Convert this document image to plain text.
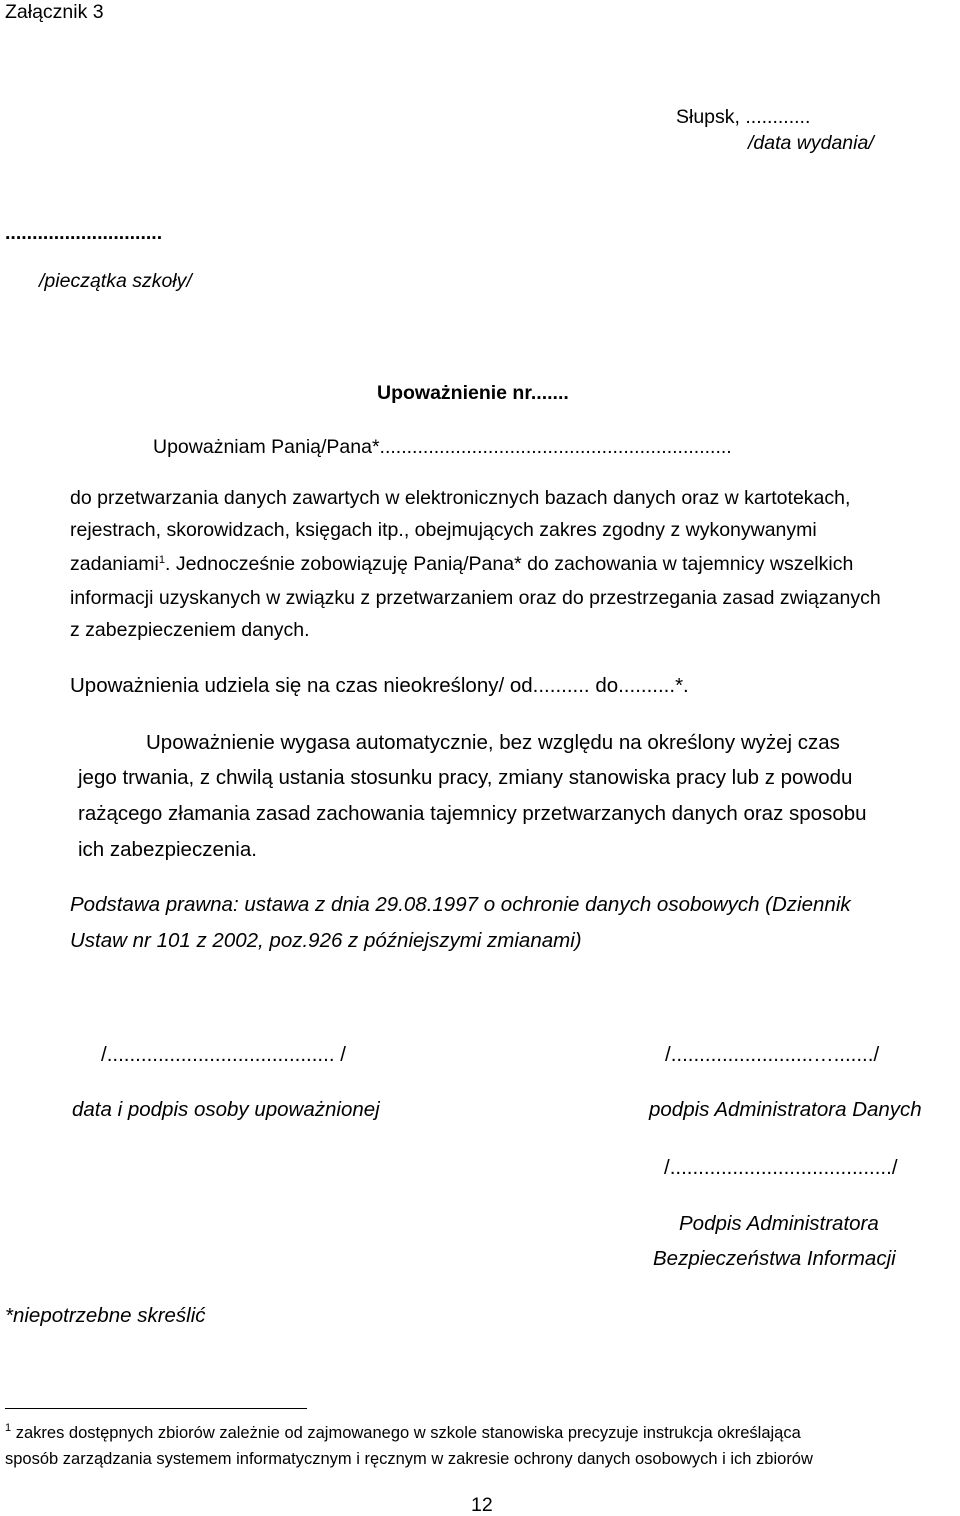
Załącznik 3
Słupsk, ............
/data wydania/
.............................
/pieczątka szkoły/
Upoważnienie nr.......
Upoważniam Panią/Pana*.................................................................
do przetwarzania danych zawartych w elektronicznych bazach danych oraz w kartotekach,
rejestrach, skorowidzach, księgach itp., obejmujących zakres zgodny z wykonywanymi
zadaniami$^1$. Jednocześnie zobowiązuję Panią/Pana* do zachowania w tajemnicy wszelkich
informacji uzyskanych w związku z przetwarzaniem oraz do przestrzegania zasad związanych
z zabezpieczeniem danych.
Upoważnienia udziela się na czas nieokreślony/ od.......... do..........*.
Upoważnienie wygasa automatycznie, bez względu na określony wyżej czas
jego trwania, z chwilą ustania stosunku pracy, zmiany stanowiska pracy lub z powodu
rażącego złamania zasad zachowania tajemnicy przetwarzanych danych oraz sposobu
ich zabezpieczenia.
Podstawa prawna: ustawa z dnia 29.08.1997 o ochronie danych osobowych (Dziennik
Ustaw nr 101 z 2002, poz.926 z późniejszymi zmianami)
/........................................ /	/.........................…......./
data i podpis osoby upoważnionej	podpis Administratora Danych
/......................................./
Podpis Administratora
Bezpieczeństwa Informacji
*niepotrzebne skreślić
$^1$ zakres dostępnych zbiorów zależnie od zajmowanego w szkole stanowiska precyzuje instrukcja określająca
sposób zarządzania systemem informatycznym i ręcznym w zakresie ochrony danych osobowych i ich zbiorów
12
